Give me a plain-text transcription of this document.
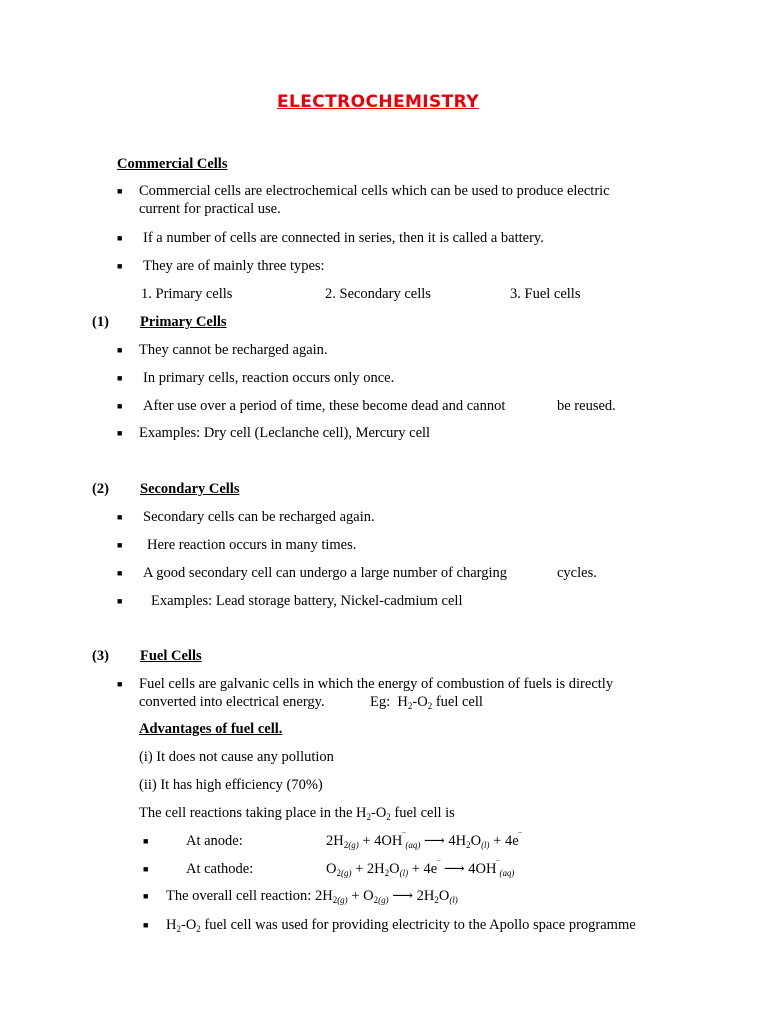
ELECTROCHEMISTRY
Commercial Cells
■ Commercial cells are electrochemical cells which can be used to produce electric
current for practical use.
■ If a number of cells are connected in series, then it is called a battery.
■ They are of mainly three types:
1. Primary cells	2. Secondary cells	3. Fuel cells
(1) Primary Cells
■ They cannot be recharged again.
■ In primary cells, reaction occurs only once.
■ After use over a period of time, these become dead and cannot	be reused.
■ Examples: Dry cell (Leclanche cell), Mercury cell
(2) Secondary Cells
■ Secondary cells can be recharged again.
■ Here reaction occurs in many times.
■ A good secondary cell can undergo a large number of charging	cycles.
■ Examples: Lead storage battery, Nickel-cadmium cell
(3) Fuel Cells
■ Fuel cells are galvanic cells in which the energy of combustion of fuels is directly
converted into electrical energy.	Eg:  $H_2-O_2$ fuel cell
Advantages of fuel cell.
(i) It does not cause any pollution
(ii) It has high efficiency (70%)
The cell reactions taking place in the $H_2-O_2$ fuel cell is
■	At anode:	$2H_{2(g)} + 4OH^‾_{(aq)}$ ⟶ $4H_2O_{(l)} + 4e^‾$
■	At cathode:	$O_{2(g)} + 2H_2O_{(l)} + 4e^‾$ ⟶ $4OH^‾_{(aq)}$
■ The overall cell reaction: $2H_{2(g)} + O_{2(g)}$ ⟶ $2H_2O_{(l)}$
■ $H_2-O_2$ fuel cell was used for providing electricity to the Apollo space programme
